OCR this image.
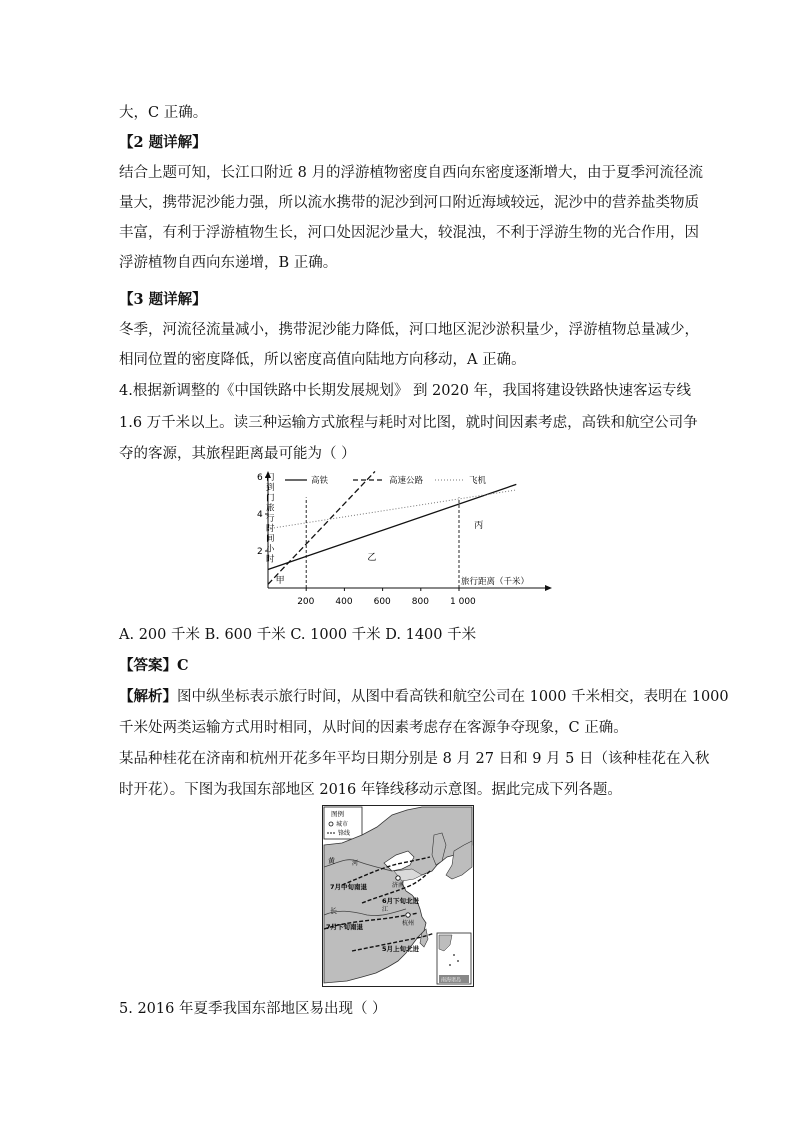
大，C 正确。
【2 题详解】
结合上题可知，长江口附近 8 月的浮游植物密度自西向东密度逐渐增大，由于夏季河流径流
量大，携带泥沙能力强，所以流水携带的泥沙到河口附近海域较远，泥沙中的营养盐类物质
丰富，有利于浮游植物生长，河口处因泥沙量大，较混浊，不利于浮游生物的光合作用，因
浮游植物自西向东递增，B 正确。
【3 题详解】
冬季，河流径流量减小，携带泥沙能力降低，河口地区泥沙淤积量少，浮游植物总量减少，
相同位置的密度降低，所以密度高值向陆地方向移动，A 正确。
4.根据新调整的《中国铁路中长期发展规划》 到 2020 年，我国将建设铁路快速客运专线
1.6 万千米以上。读三种运输方式旅程与耗时对比图，就时间因素考虑，高铁和航空公司争
夺的客源，其旅程距离最可能为（ ）
2
4
6
200 400 600 800 1 000
门
到
门
旅
行
时
间
小
时
旅行距离（千米）
高铁	高速公路	飞机
甲
乙
丙
A. 200 千米 B. 600 千米 C. 1000 千米 D. 1400 千米
【答案】C
【解析】图中纵坐标表示旅行时间，从图中看高铁和航空公司在 1000 千米相交，表明在 1000
千米处两类运输方式用时相同，从时间的因素考虑存在客源争夺现象，C 正确。
某品种桂花在济南和杭州开花多年平均日期分别是 8 月 27 日和 9 月 5 日（该种桂花在入秋
时开花）。下图为我国东部地区 2016 年锋线移动示意图。据此完成下列各题。
图例
城市
锋线
黄	河
济南
6月下旬北进
7月中旬南退
长	江
杭州
7月下旬南退
5月上旬北进
南海诸岛
5. 2016 年夏季我国东部地区易出现（ ）
